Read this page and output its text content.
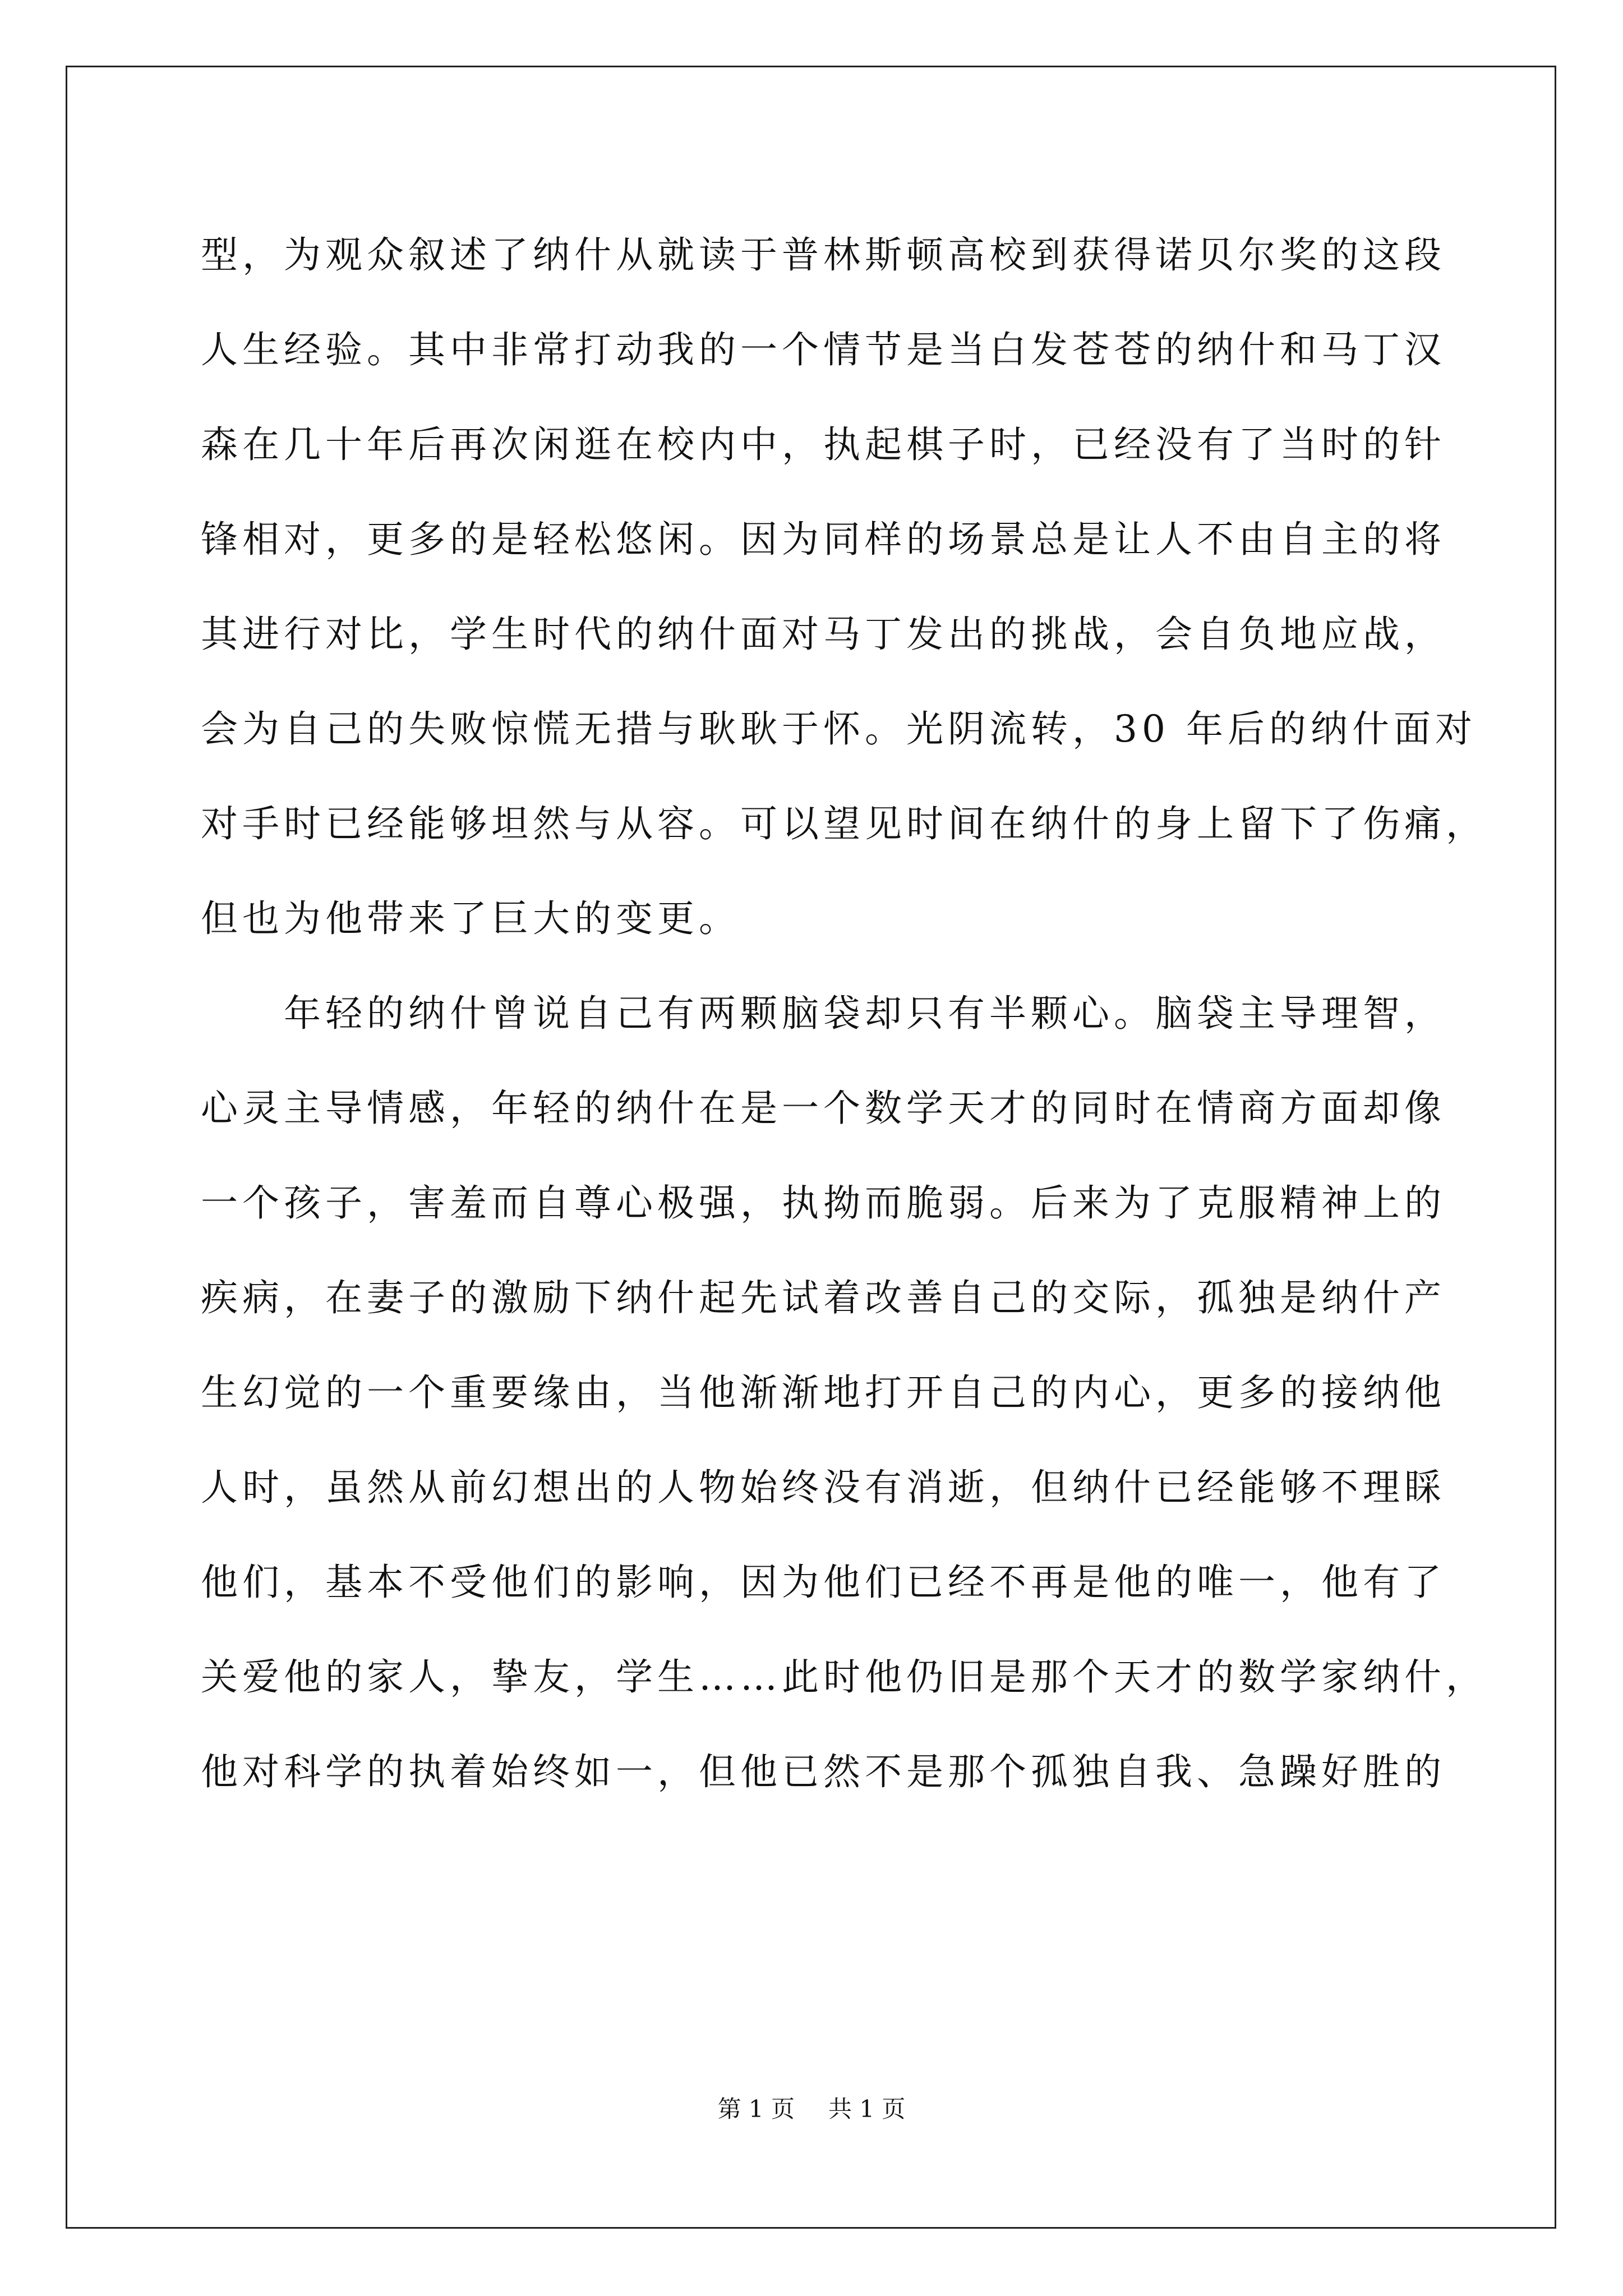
型，为观众叙述了纳什从就读于普林斯顿高校到获得诺贝尔奖的这段
人生经验。其中非常打动我的一个情节是当白发苍苍的纳什和马丁汉
森在几十年后再次闲逛在校内中，执起棋子时，已经没有了当时的针
锋相对，更多的是轻松悠闲。因为同样的场景总是让人不由自主的将
其进行对比，学生时代的纳什面对马丁发出的挑战，会自负地应战，
会为自己的失败惊慌无措与耿耿于怀。光阴流转，30 年后的纳什面对
对手时已经能够坦然与从容。可以望见时间在纳什的身上留下了伤痛，
但也为他带来了巨大的变更。
年轻的纳什曾说自己有两颗脑袋却只有半颗心。脑袋主导理智，
心灵主导情感，年轻的纳什在是一个数学天才的同时在情商方面却像
一个孩子，害羞而自尊心极强，执拗而脆弱。后来为了克服精神上的
疾病，在妻子的激励下纳什起先试着改善自己的交际，孤独是纳什产
生幻觉的一个重要缘由，当他渐渐地打开自己的内心，更多的接纳他
人时，虽然从前幻想出的人物始终没有消逝，但纳什已经能够不理睬
他们，基本不受他们的影响，因为他们已经不再是他的唯一，他有了
关爱他的家人，挚友，学生……此时他仍旧是那个天才的数学家纳什，
他对科学的执着始终如一，但他已然不是那个孤独自我、急躁好胜的
第 1 页 共 1 页
